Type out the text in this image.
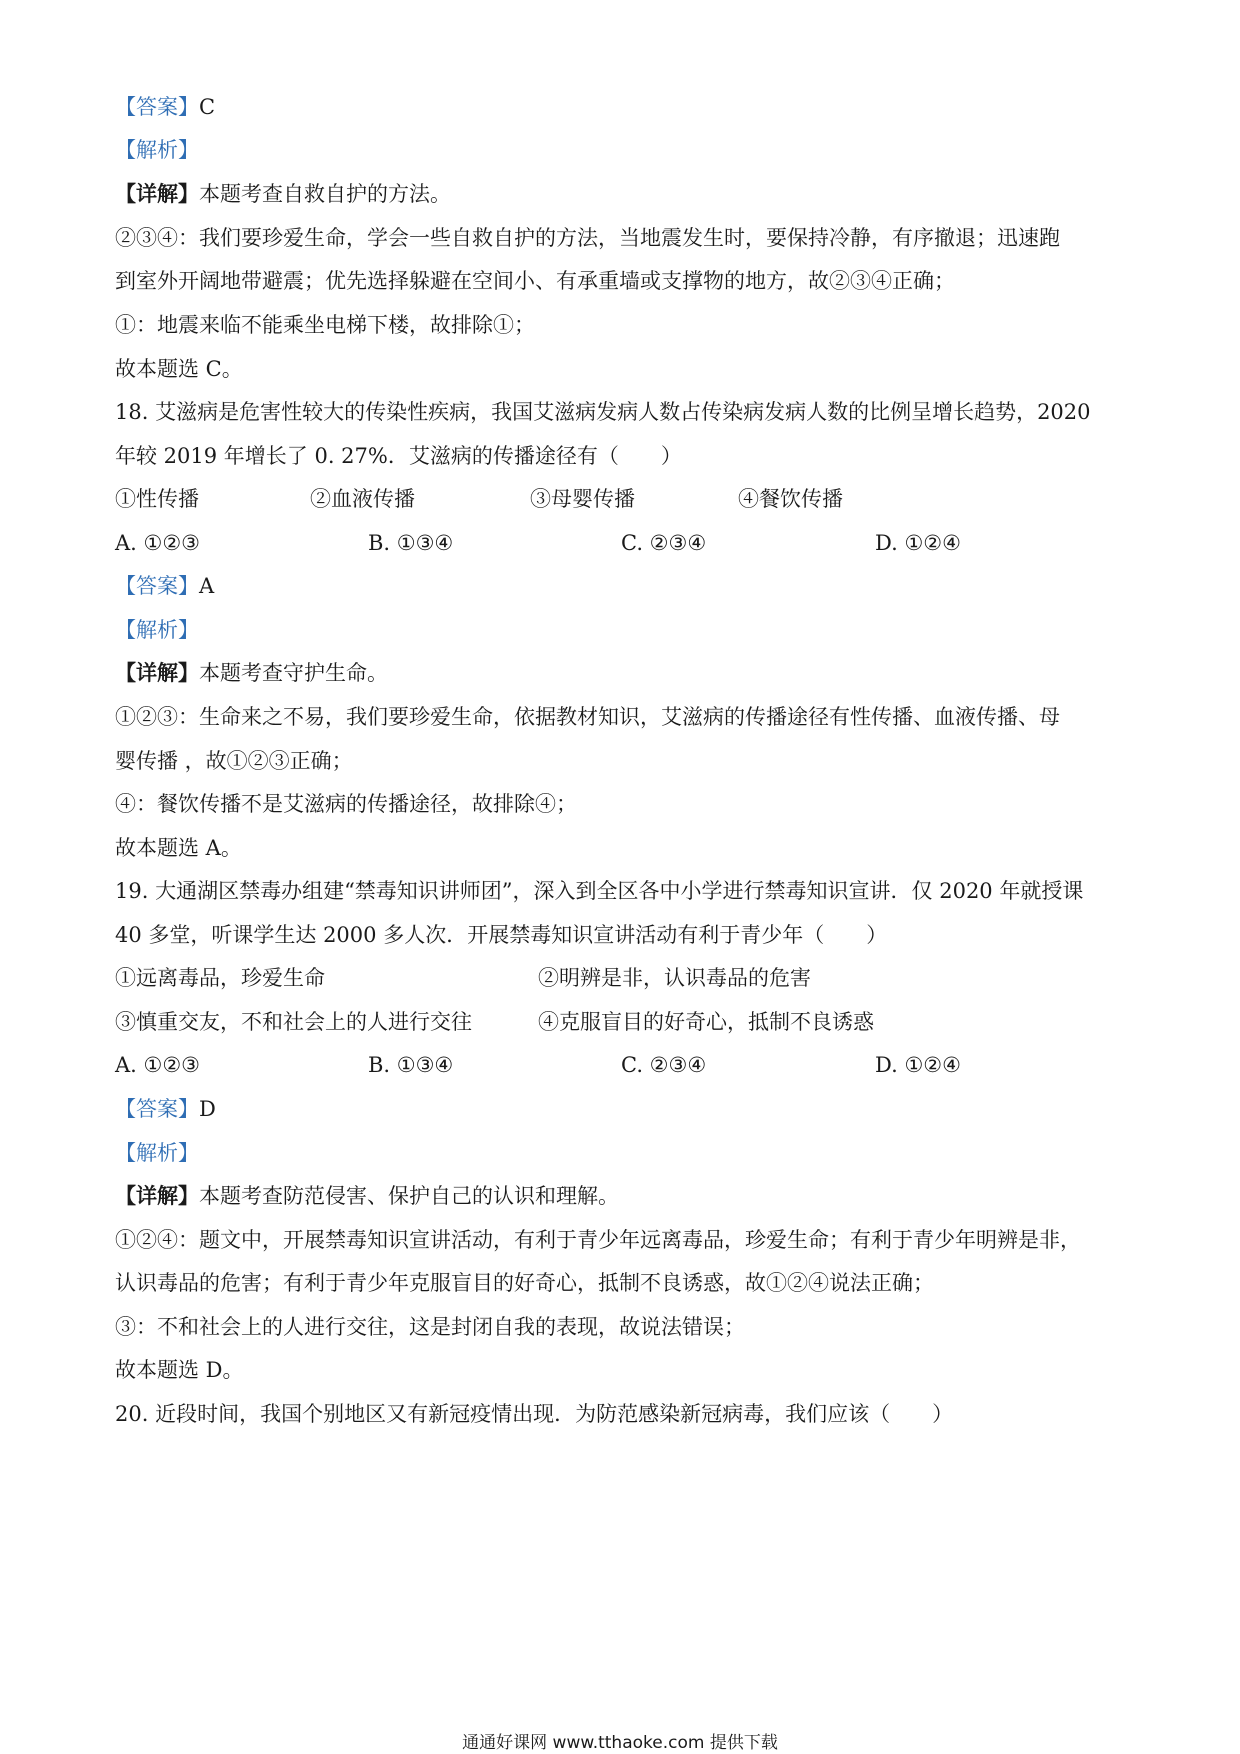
【答案】C
【解析】
【详解】本题考查自救自护的方法。
②③④：我们要珍爱生命，学会一些自救自护的方法，当地震发生时，要保持冷静，有序撤退；迅速跑
到室外开阔地带避震；优先选择躲避在空间小、有承重墙或支撑物的地方，故②③④正确；
①：地震来临不能乘坐电梯下楼，故排除①；
故本题选 C。
18. 艾滋病是危害性较大的传染性疾病，我国艾滋病发病人数占传染病发病人数的比例呈增长趋势，2020
年较 2019 年增长了 0. 27%．艾滋病的传播途径有（　　）
①性传播	②血液传播	③母婴传播	④餐饮传播
A. ①②③	B. ①③④	C. ②③④	D. ①②④
【答案】A
【解析】
【详解】本题考查守护生命。
①②③：生命来之不易，我们要珍爱生命，依据教材知识，艾滋病的传播途径有性传播、血液传播、母
婴传播 ，故①②③正确；
④：餐饮传播不是艾滋病的传播途径，故排除④；
故本题选 A。
19. 大通湖区禁毒办组建“禁毒知识讲师团”，深入到全区各中小学进行禁毒知识宣讲．仅 2020 年就授课
40 多堂，听课学生达 2000 多人次．开展禁毒知识宣讲活动有利于青少年（　　）
①远离毒品，珍爱生命	②明辨是非，认识毒品的危害
③慎重交友，不和社会上的人进行交往	④克服盲目的好奇心，抵制不良诱惑
A. ①②③	B. ①③④	C. ②③④	D. ①②④
【答案】D
【解析】
【详解】本题考查防范侵害、保护自己的认识和理解。
①②④：题文中，开展禁毒知识宣讲活动，有利于青少年远离毒品，珍爱生命；有利于青少年明辨是非，
认识毒品的危害；有利于青少年克服盲目的好奇心，抵制不良诱惑，故①②④说法正确；
③：不和社会上的人进行交往，这是封闭自我的表现，故说法错误；
故本题选 D。
20. 近段时间，我国个别地区又有新冠疫情出现．为防范感染新冠病毒，我们应该（　　）
通通好课网 www.tthaoke.com 提供下载
